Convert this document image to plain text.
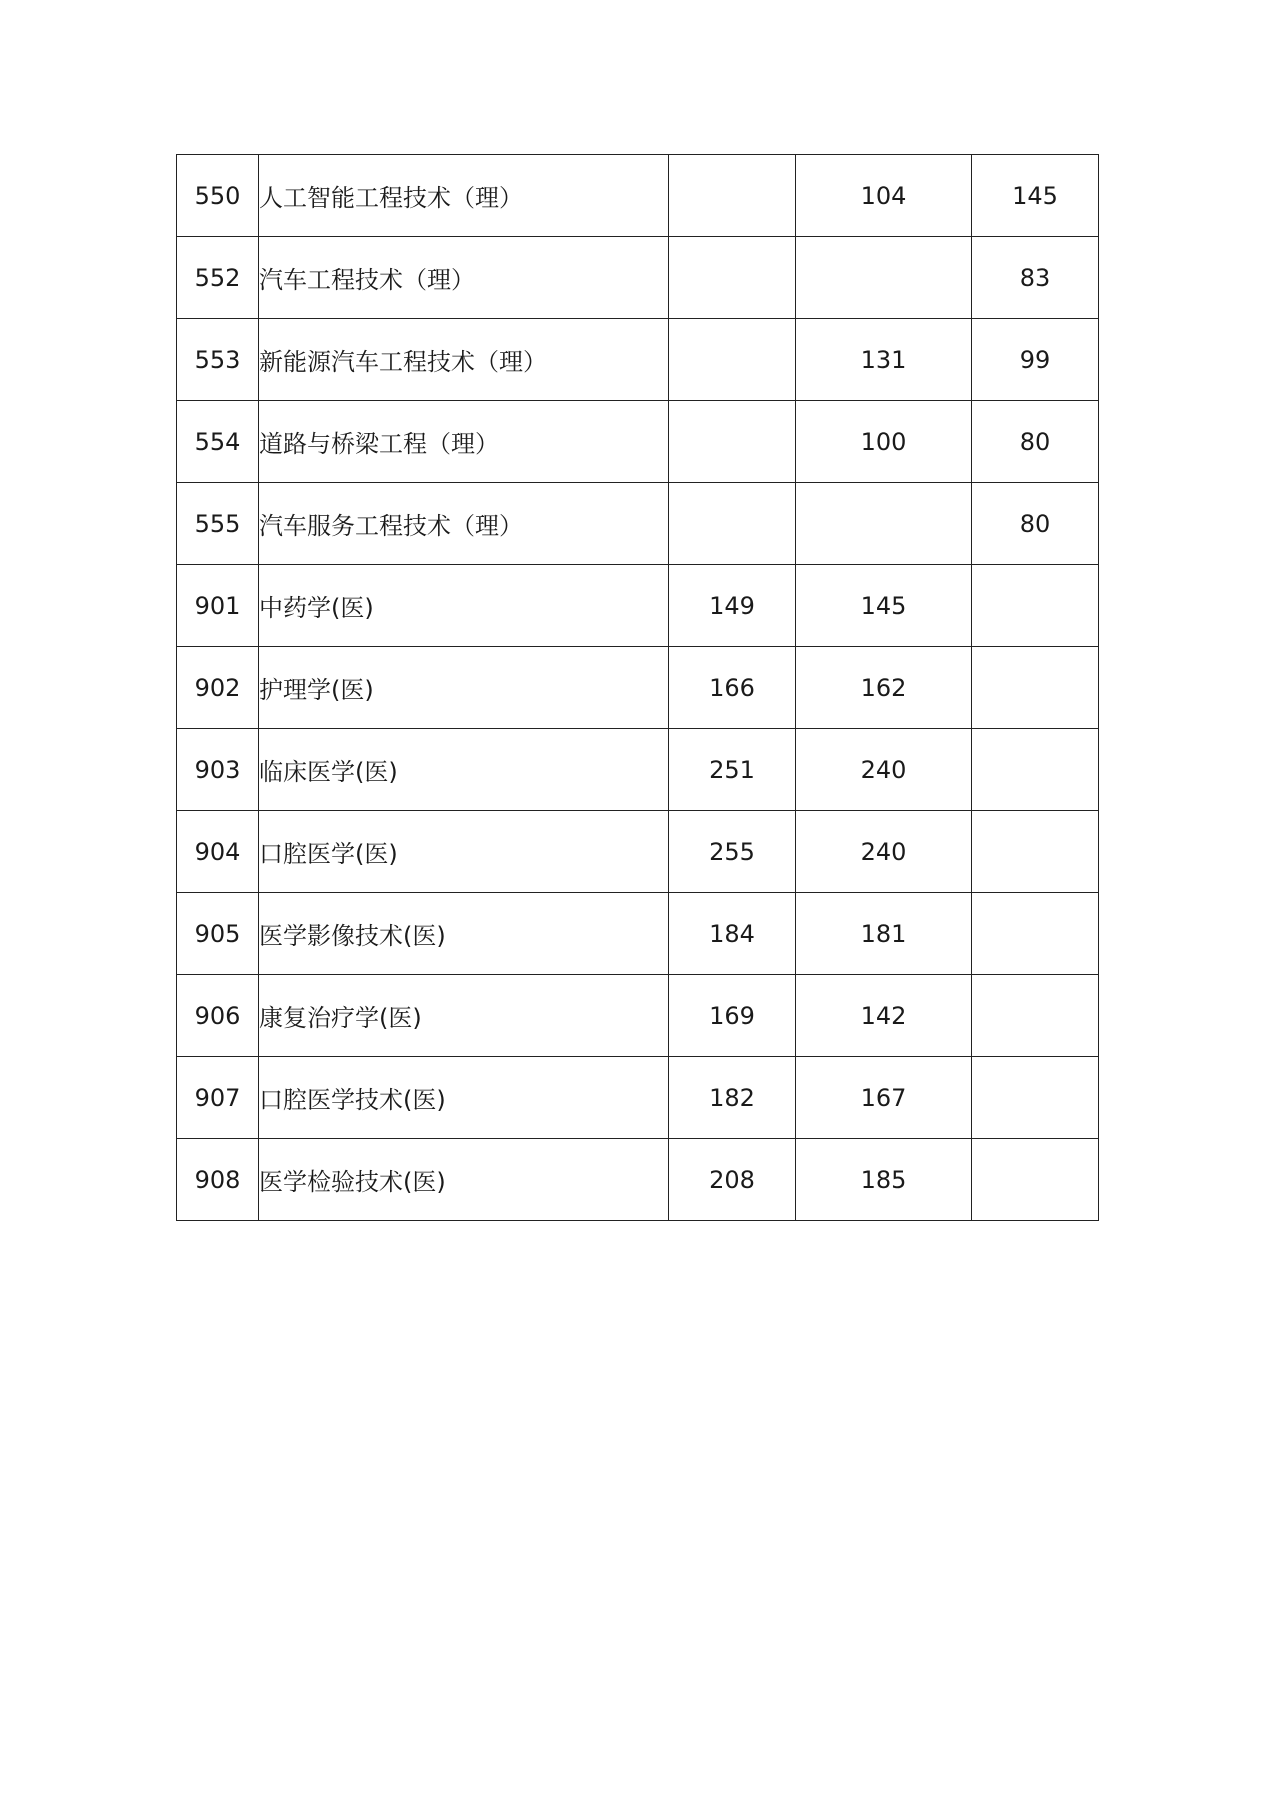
550	人工智能工程技术（理）		104	145
552	汽车工程技术（理）			83
553	新能源汽车工程技术（理）		131	99
554	道路与桥梁工程（理）		100	80
555	汽车服务工程技术（理）			80
901	中药学(医)	149	145	
902	护理学(医)	166	162	
903	临床医学(医)	251	240	
904	口腔医学(医)	255	240	
905	医学影像技术(医)	184	181	
906	康复治疗学(医)	169	142	
907	口腔医学技术(医)	182	167	
908	医学检验技术(医)	208	185	
